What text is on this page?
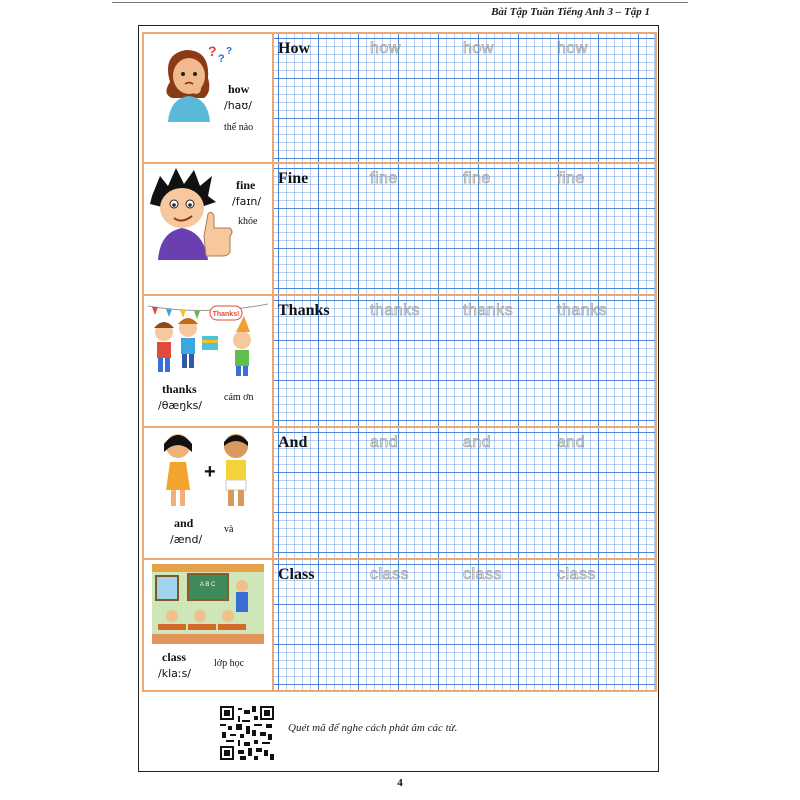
Bài Tập Tuần Tiếng Anh 3 – Tập 1
? ?
?
how
/haʊ/
thế nào
How	how	how	how
fine
/faɪn/
khỏe
Fine	fine	fine	fine
Thanks!
thanks
/θæŋks/
cám ơn
Thanks	thanks	thanks	thanks
+
and
/ænd/
và
And	and	and	and
A B C
class
/klaːs/
lớp học
Class	class	class	class
Quét mã để nghe cách phát âm các từ.
4
